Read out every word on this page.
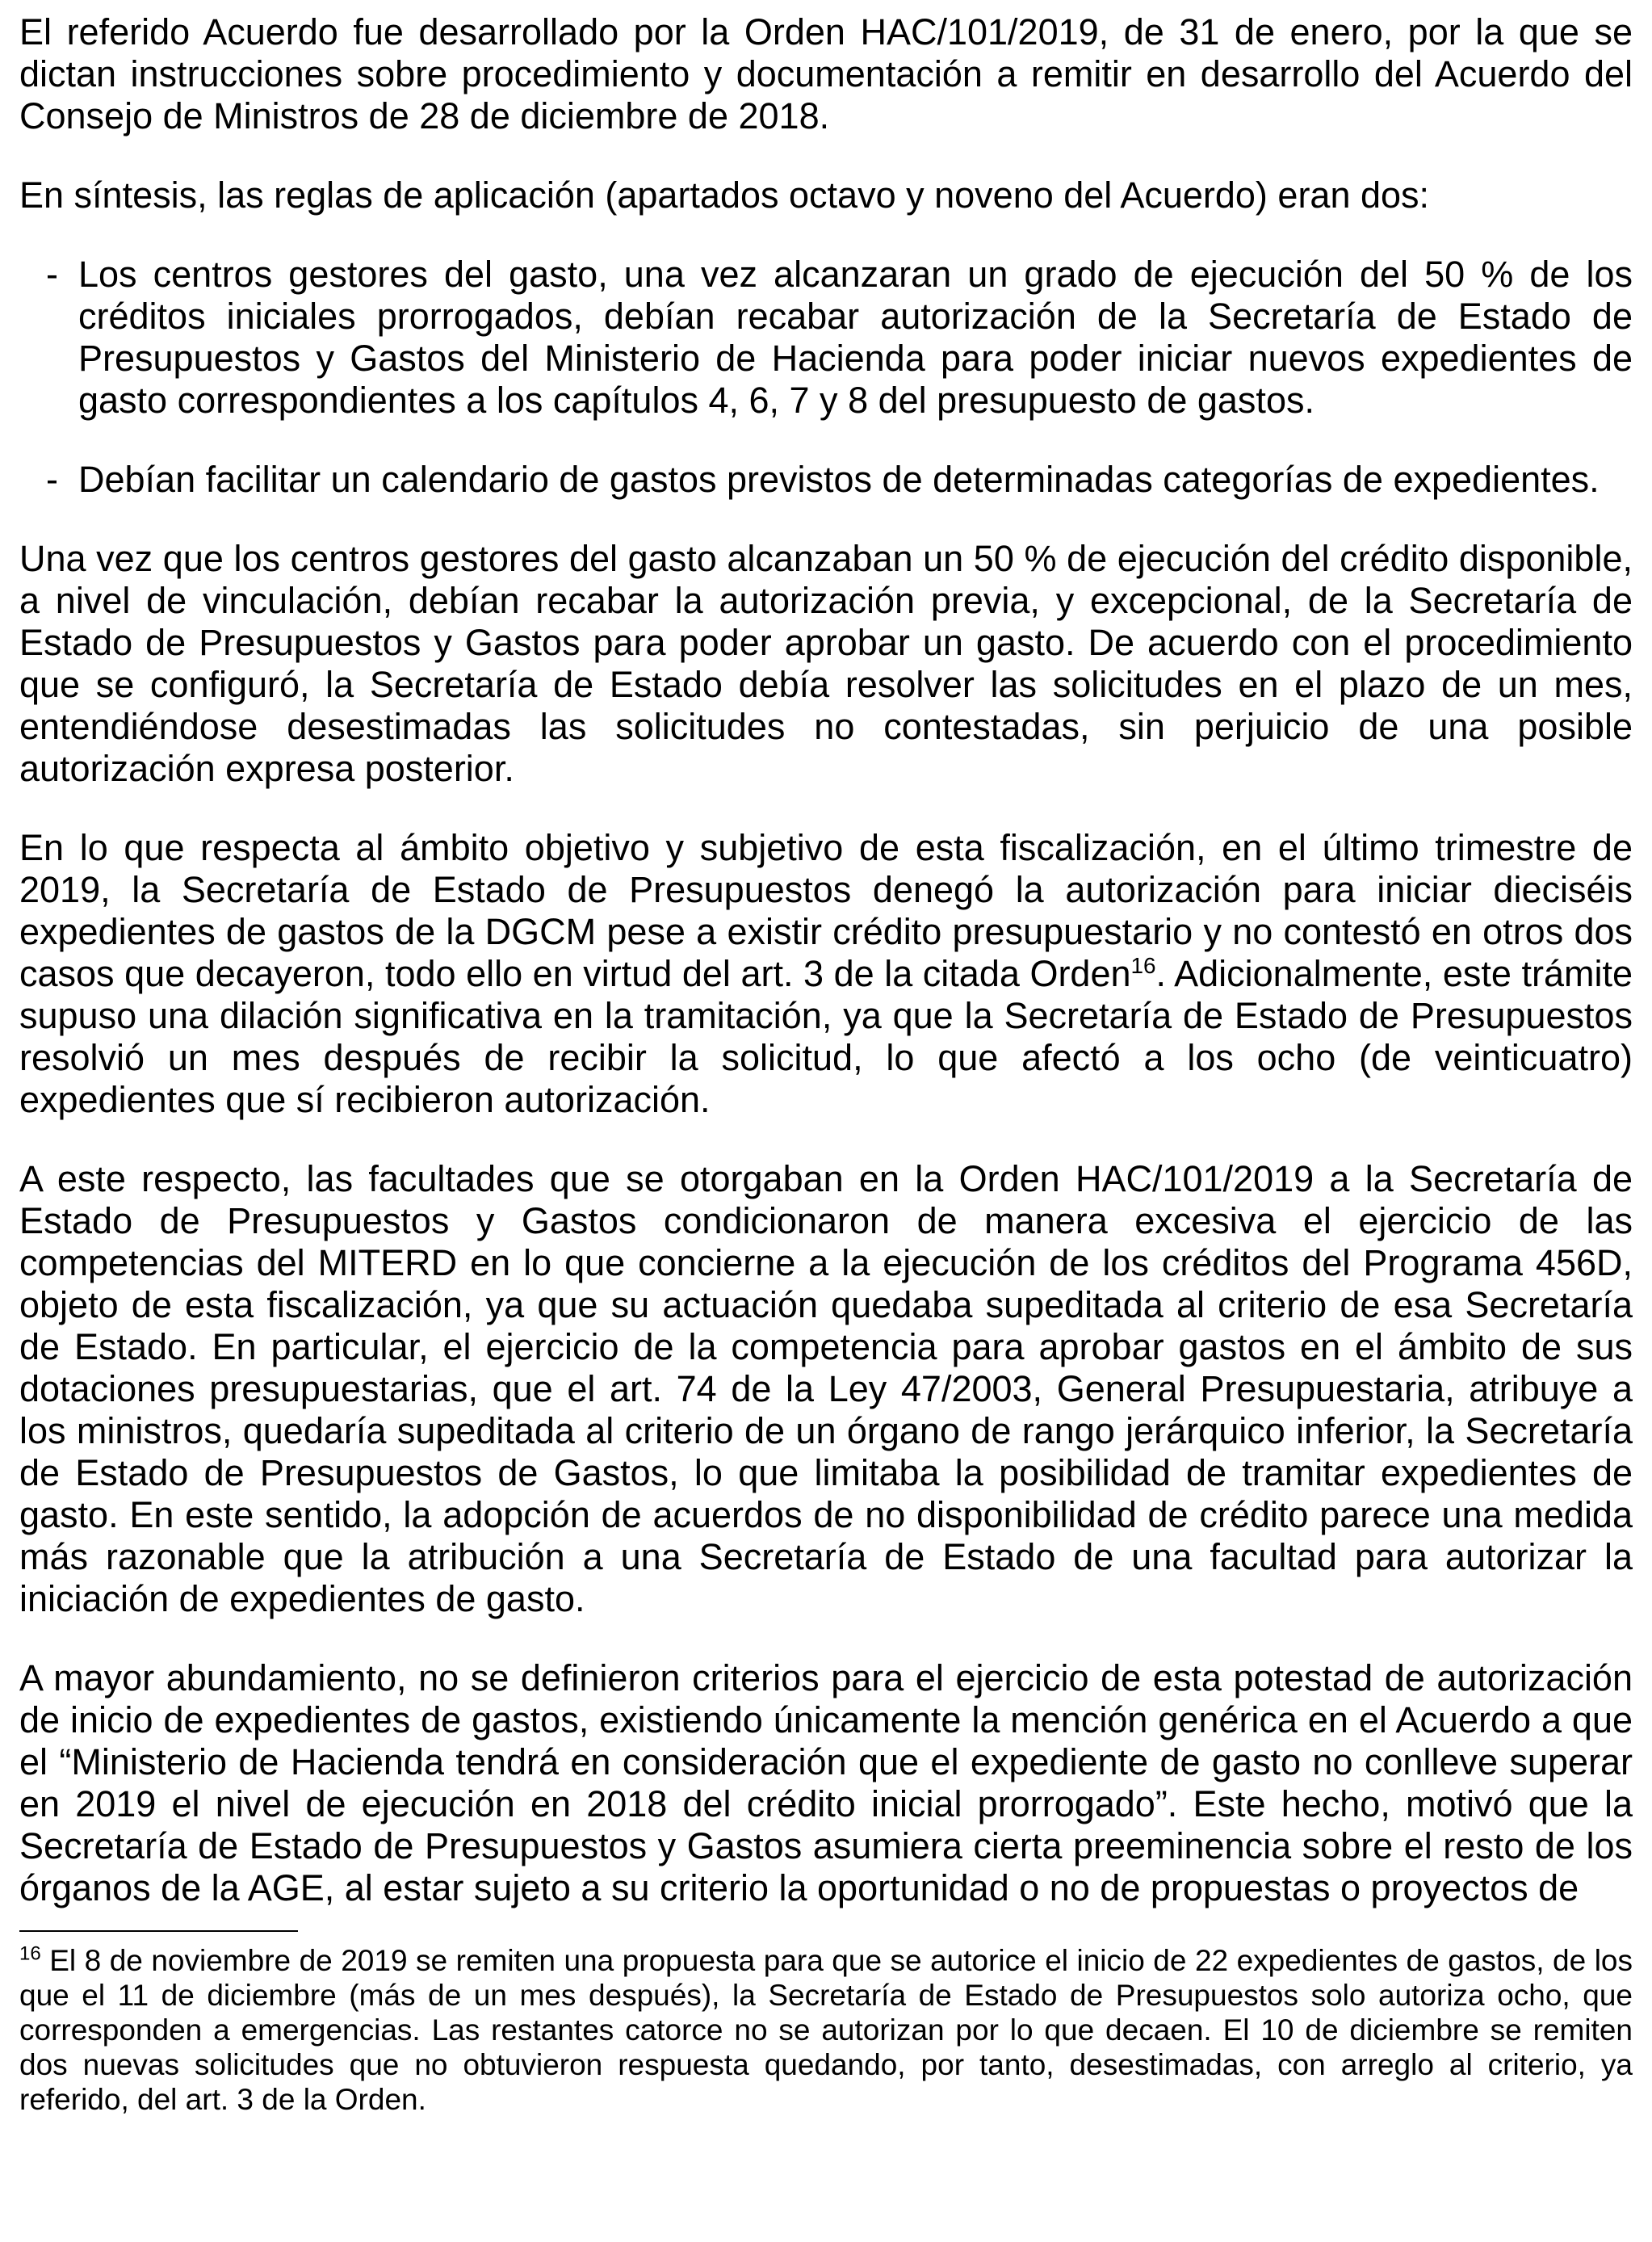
El referido Acuerdo fue desarrollado por la Orden HAC/101/2019, de 31 de enero, por la que se dictan instrucciones sobre procedimiento y documentación a remitir en desarrollo del Acuerdo del Consejo de Ministros de 28 de diciembre de 2018.

En síntesis, las reglas de aplicación (apartados octavo y noveno del Acuerdo) eran dos:

- Los centros gestores del gasto, una vez alcanzaran un grado de ejecución del 50 % de los créditos iniciales prorrogados, debían recabar autorización de la Secretaría de Estado de Presupuestos y Gastos del Ministerio de Hacienda para poder iniciar nuevos expedientes de gasto correspondientes a los capítulos 4, 6, 7 y 8 del presupuesto de gastos.
- Debían facilitar un calendario de gastos previstos de determinadas categorías de expedientes.

Una vez que los centros gestores del gasto alcanzaban un 50 % de ejecución del crédito disponible, a nivel de vinculación, debían recabar la autorización previa, y excepcional, de la Secretaría de Estado de Presupuestos y Gastos para poder aprobar un gasto. De acuerdo con el procedimiento que se configuró, la Secretaría de Estado debía resolver las solicitudes en el plazo de un mes, entendiéndose desestimadas las solicitudes no contestadas, sin perjuicio de una posible autorización expresa posterior.

En lo que respecta al ámbito objetivo y subjetivo de esta fiscalización, en el último trimestre de 2019, la Secretaría de Estado de Presupuestos denegó la autorización para iniciar dieciséis expedientes de gastos de la DGCM pese a existir crédito presupuestario y no contestó en otros dos casos que decayeron, todo ello en virtud del art. 3 de la citada Orden$^{16}$. Adicionalmente, este trámite supuso una dilación significativa en la tramitación, ya que la Secretaría de Estado de Presupuestos resolvió un mes después de recibir la solicitud, lo que afectó a los ocho (de veinticuatro) expedientes que sí recibieron autorización.

A este respecto, las facultades que se otorgaban en la Orden HAC/101/2019 a la Secretaría de Estado de Presupuestos y Gastos condicionaron de manera excesiva el ejercicio de las competencias del MITERD en lo que concierne a la ejecución de los créditos del Programa 456D, objeto de esta fiscalización, ya que su actuación quedaba supeditada al criterio de esa Secretaría de Estado. En particular, el ejercicio de la competencia para aprobar gastos en el ámbito de sus dotaciones presupuestarias, que el art. 74 de la Ley 47/2003, General Presupuestaria, atribuye a los ministros, quedaría supeditada al criterio de un órgano de rango jerárquico inferior, la Secretaría de Estado de Presupuestos de Gastos, lo que limitaba la posibilidad de tramitar expedientes de gasto. En este sentido, la adopción de acuerdos de no disponibilidad de crédito parece una medida más razonable que la atribución a una Secretaría de Estado de una facultad para autorizar la iniciación de expedientes de gasto.

A mayor abundamiento, no se definieron criterios para el ejercicio de esta potestad de autorización de inicio de expedientes de gastos, existiendo únicamente la mención genérica en el Acuerdo a que el “Ministerio de Hacienda tendrá en consideración que el expediente de gasto no conlleve superar en 2019 el nivel de ejecución en 2018 del crédito inicial prorrogado”. Este hecho, motivó que la Secretaría de Estado de Presupuestos y Gastos asumiera cierta preeminencia sobre el resto de los órganos de la AGE, al estar sujeto a su criterio la oportunidad o no de propuestas o proyectos de

$^{16}$ El 8 de noviembre de 2019 se remiten una propuesta para que se autorice el inicio de 22 expedientes de gastos, de los que el 11 de diciembre (más de un mes después), la Secretaría de Estado de Presupuestos solo autoriza ocho, que corresponden a emergencias. Las restantes catorce no se autorizan por lo que decaen. El 10 de diciembre se remiten dos nuevas solicitudes que no obtuvieron respuesta quedando, por tanto, desestimadas, con arreglo al criterio, ya referido, del art. 3 de la Orden.
